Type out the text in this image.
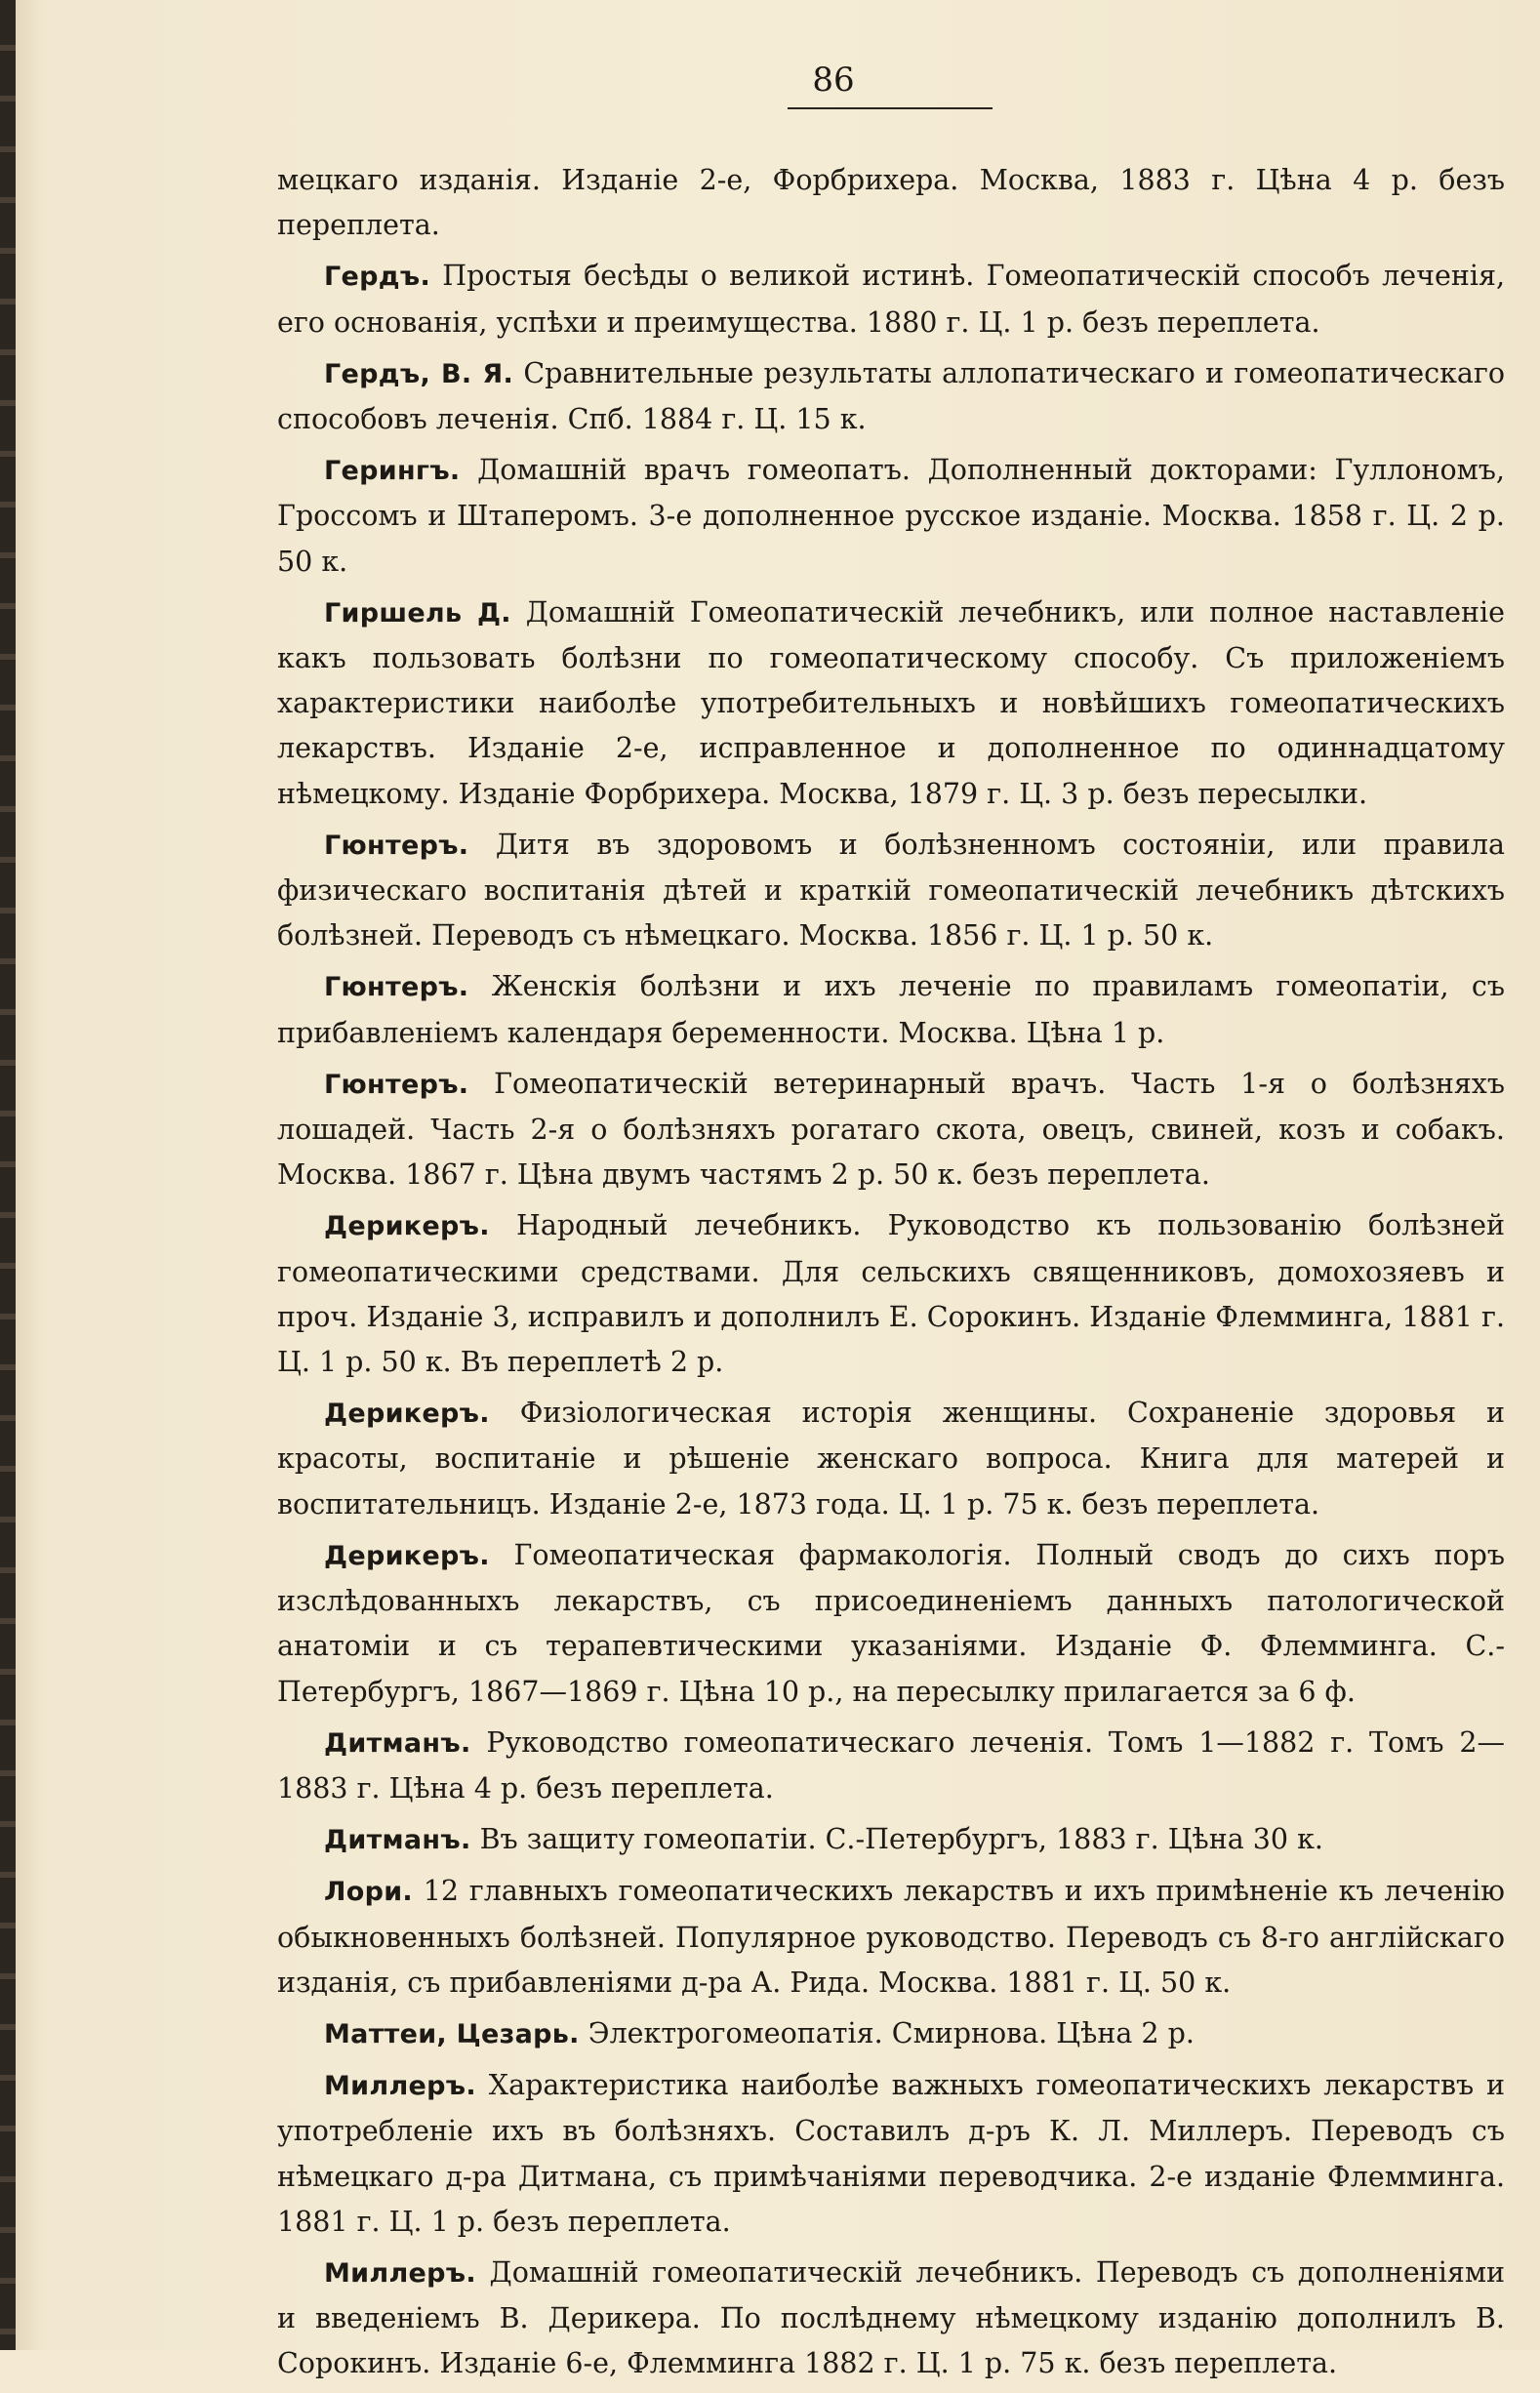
86

мецкаго изданія. Изданіе 2-е, Форбрихера. Москва, 1883 г. Цѣна 4 р. безъ переплета.

Гердъ. Простыя бесѣды о великой истинѣ. Гомеопатическій способъ леченія, его основанія, успѣхи и преимущества. 1880 г. Ц. 1 р. безъ переплета.

Гердъ, В. Я. Сравнительные результаты аллопатическаго и гомеопатическаго способовъ леченія. Спб. 1884 г. Ц. 15 к.

Герингъ. Домашній врачъ гомеопатъ. Дополненный докторами: Гуллономъ, Гроссомъ и Штаперомъ. 3-е дополненное русское изданіе. Москва. 1858 г. Ц. 2 р. 50 к.

Гиршель Д. Домашній Гомеопатическій лечебникъ, или полное наставленіе какъ пользовать болѣзни по гомеопатическому способу. Съ приложеніемъ характеристики наиболѣе употребительныхъ и новѣйшихъ гомеопатическихъ лекарствъ. Изданіе 2-е, исправленное и дополненное по одиннадцатому нѣмецкому. Изданіе Форбрихера. Москва, 1879 г. Ц. 3 р. безъ пересылки.

Гюнтеръ. Дитя въ здоровомъ и болѣзненномъ состояніи, или правила физическаго воспитанія дѣтей и краткій гомеопатическій лечебникъ дѣтскихъ болѣзней. Переводъ съ нѣмецкаго. Москва. 1856 г. Ц. 1 р. 50 к.

Гюнтеръ. Женскія болѣзни и ихъ леченіе по правиламъ гомеопатіи, съ прибавленіемъ календаря беременности. Москва. Цѣна 1 р.

Гюнтеръ. Гомеопатическій ветеринарный врачъ. Часть 1-я о болѣзняхъ лошадей. Часть 2-я о болѣзняхъ рогатаго скота, овецъ, свиней, козъ и собакъ. Москва. 1867 г. Цѣна двумъ частямъ 2 р. 50 к. безъ переплета.

Дерикеръ. Народный лечебникъ. Руководство къ пользованію болѣзней гомеопатическими средствами. Для сельскихъ священниковъ, домохозяевъ и проч. Изданіе 3, исправилъ и дополнилъ Е. Сорокинъ. Изданіе Флемминга, 1881 г. Ц. 1 р. 50 к. Въ переплетѣ 2 р.

Дерикеръ. Физіологическая исторія женщины. Сохраненіе здоровья и красоты, воспитаніе и рѣшеніе женскаго вопроса. Книга для матерей и воспитательницъ. Изданіе 2-е, 1873 года. Ц. 1 р. 75 к. безъ переплета.

Дерикеръ. Гомеопатическая фармакологія. Полный сводъ до сихъ поръ изслѣдованныхъ лекарствъ, съ присоединеніемъ данныхъ патологической анатоміи и съ терапевтическими указаніями. Изданіе Ф. Флемминга. С.-Петербургъ, 1867—1869 г. Цѣна 10 р., на пересылку прилагается за 6 ф.

Дитманъ. Руководство гомеопатическаго леченія. Томъ 1—1882 г. Томъ 2—1883 г. Цѣна 4 р. безъ переплета.

Дитманъ. Въ защиту гомеопатіи. С.-Петербургъ, 1883 г. Цѣна 30 к.

Лори. 12 главныхъ гомеопатическихъ лекарствъ и ихъ примѣненіе къ леченію обыкновенныхъ болѣзней. Популярное руководство. Переводъ съ 8-го англійскаго изданія, съ прибавленіями д-ра А. Рида. Москва. 1881 г. Ц. 50 к.

Маттеи, Цезарь. Электрогомеопатія. Смирнова. Цѣна 2 р.

Миллеръ. Характеристика наиболѣе важныхъ гомеопатическихъ лекарствъ и употребленіе ихъ въ болѣзняхъ. Составилъ д-ръ К. Л. Миллеръ. Переводъ съ нѣмецкаго д-ра Дитмана, съ примѣчаніями переводчика. 2-е изданіе Флемминга. 1881 г. Ц. 1 р. безъ переплета.

Миллеръ. Домашній гомеопатическій лечебникъ. Переводъ съ дополненіями и введеніемъ В. Дерикера. По послѣднему нѣмецкому изданію дополнилъ В. Сорокинъ. Изданіе 6-е, Флемминга 1882 г. Ц. 1 р. 75 к. безъ переплета.
